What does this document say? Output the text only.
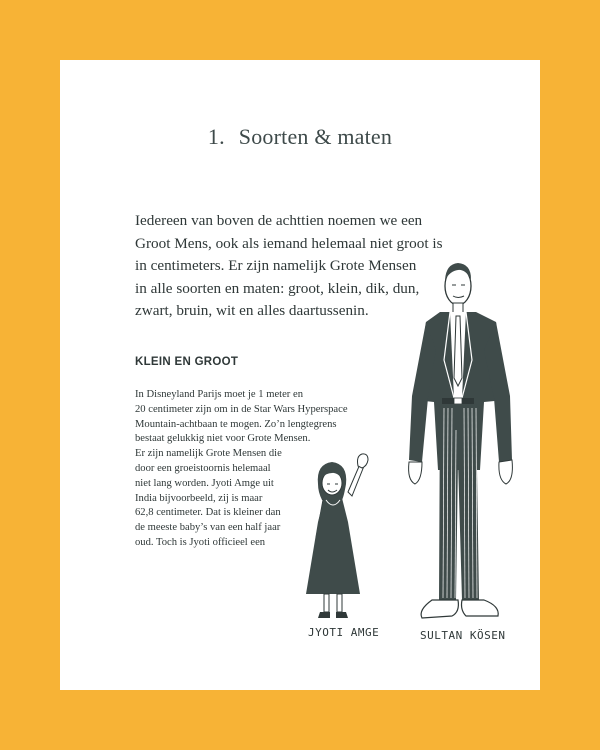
1. Soorten & maten

Iedereen van boven de achttien noemen we een
Groot Mens, ook als iemand helemaal niet groot is
in centimeters. Er zijn namelijk Grote Mensen
in alle soorten en maten: groot, klein, dik, dun,
zwart, bruin, wit en alles daartussenin.

KLEIN EN GROOT

In Disneyland Parijs moet je 1 meter en
20 centimeter zijn om in de Star Wars Hyperspace
Mountain-achtbaan te mogen. Zo’n lengtegrens
bestaat gelukkig niet voor Grote Mensen.
Er zijn namelijk Grote Mensen die
door een groeistoornis helemaal
niet lang worden. Jyoti Amge uit
India bijvoorbeeld, zij is maar
62,8 centimeter. Dat is kleiner dan
de meeste baby’s van een half jaar
oud. Toch is Jyoti officieel een

JYOTI AMGE	SULTAN KÖSEN
